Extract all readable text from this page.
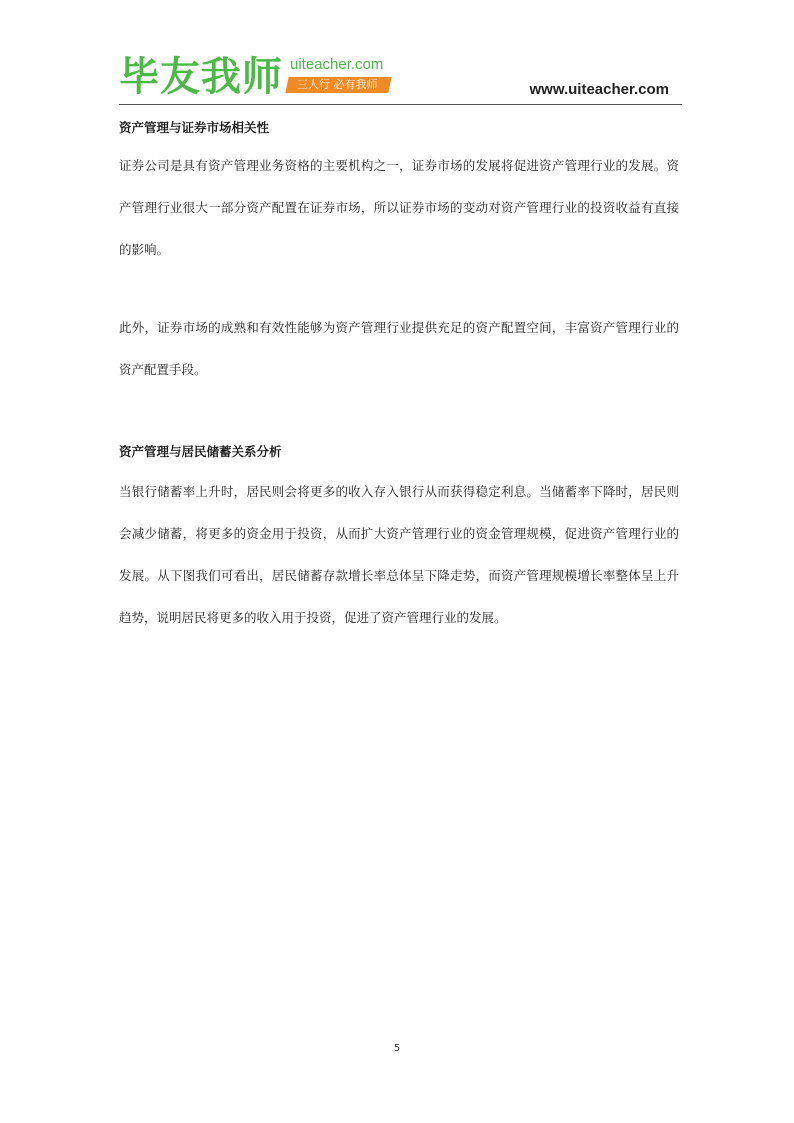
毕友我师 uiteacher.com
三人行 必有我师	www.uiteacher.com
资产管理与证券市场相关性

证券公司是具有资产管理业务资格的主要机构之一，证券市场的发展将促进资产管理行业的发展。资产管理行业很大一部分资产配置在证券市场，所以证券市场的变动对资产管理行业的投资收益有直接的影响。

此外，证券市场的成熟和有效性能够为资产管理行业提供充足的资产配置空间，丰富资产管理行业的资产配置手段。

资产管理与居民储蓄关系分析

当银行储蓄率上升时，居民则会将更多的收入存入银行从而获得稳定利息。当储蓄率下降时，居民则会减少储蓄，将更多的资金用于投资，从而扩大资产管理行业的资金管理规模，促进资产管理行业的发展。从下图我们可看出，居民储蓄存款增长率总体呈下降走势，而资产管理规模增长率整体呈上升趋势，说明居民将更多的收入用于投资，促进了资产管理行业的发展。

5
